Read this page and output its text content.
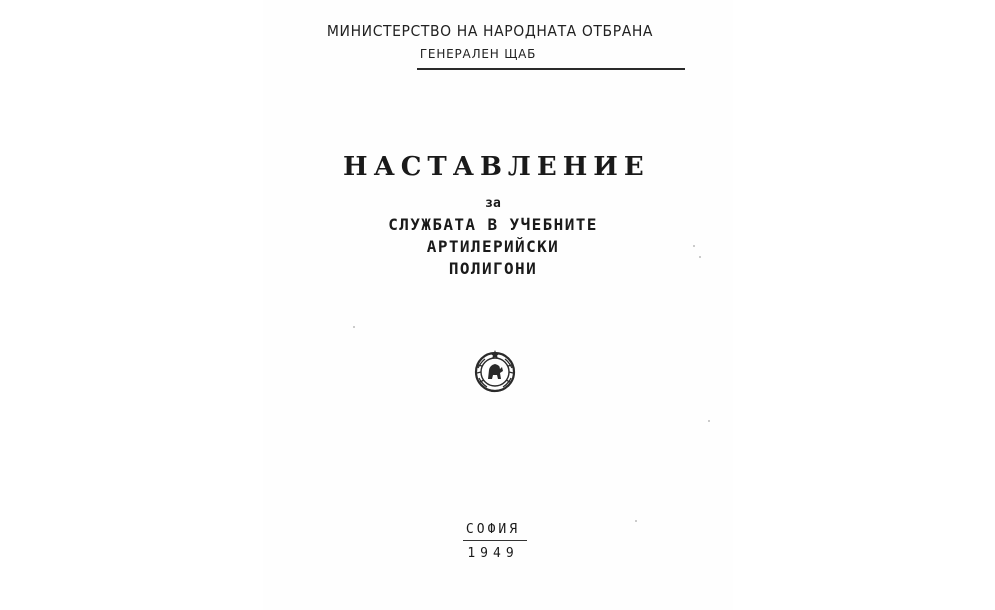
МИНИСТЕРСТВО НА НАРОДНАТА ОТБРАНА
ГЕНЕРАЛЕН ЩАБ
НАСТАВЛЕНИЕ
за
СЛУЖБАТА В УЧЕБНИТЕ
АРТИЛЕРИЙСКИ
ПОЛИГОНИ
СОФИЯ
1949
